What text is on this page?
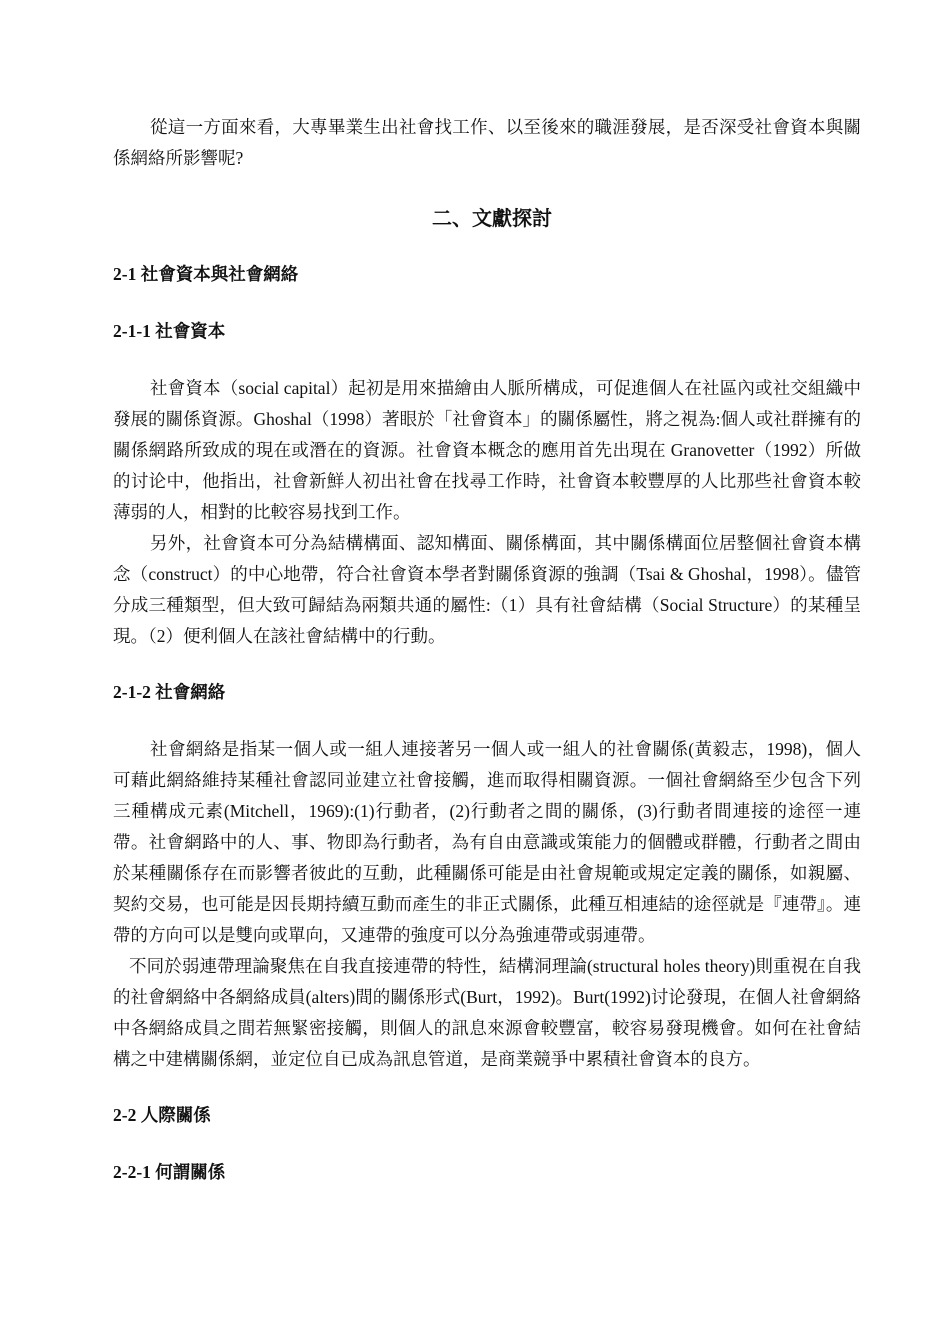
從這一方面來看，大專畢業生出社會找工作、以至後來的職涯發展，是否深受社會資本與關係網絡所影響呢?

二、文獻探討
2-1 社會資本與社會網絡
2-1-1 社會資本

社會資本（social capital）起初是用來描繪由人脈所構成，可促進個人在社區內或社交組織中發展的關係資源。Ghoshal（1998）著眼於「社會資本」的關係屬性，將之視為:個人或社群擁有的關係網路所致成的現在或潛在的資源。社會資本概念的應用首先出現在 Granovetter（1992）所做的讨论中，他指出，社會新鮮人初出社會在找尋工作時，社會資本較豐厚的人比那些社會資本較薄弱的人，相對的比較容易找到工作。

另外，社會資本可分為結構構面、認知構面、關係構面，其中關係構面位居整個社會資本構念（construct）的中心地帶，符合社會資本學者對關係資源的強調（Tsai & Ghoshal，1998）。儘管分成三種類型，但大致可歸結為兩類共通的屬性:（1）具有社會結構（Social Structure）的某種呈現。（2）便利個人在該社會結構中的行動。

2-1-2 社會網絡

社會網絡是指某一個人或一組人連接著另一個人或一組人的社會關係(黃毅志，1998)，個人可藉此網絡維持某種社會認同並建立社會接觸，進而取得相關資源。一個社會網絡至少包含下列三種構成元素(Mitchell，1969):(1)行動者，(2)行動者之間的關係，(3)行動者間連接的途徑一連帶。社會網路中的人、事、物即為行動者，為有自由意識或策能力的個體或群體，行動者之間由於某種關係存在而影響者彼此的互動，此種關係可能是由社會規範或規定定義的關係，如親屬、契約交易，也可能是因長期持續互動而產生的非正式關係，此種互相連結的途徑就是『連帶』。連帶的方向可以是雙向或單向，又連帶的強度可以分為強連帶或弱連帶。

不同於弱連帶理論聚焦在自我直接連帶的特性，結構洞理論(structural holes theory)則重視在自我的社會網絡中各網絡成員(alters)間的關係形式(Burt，1992)。Burt(1992)讨论發現，在個人社會網絡中各網絡成員之間若無緊密接觸，則個人的訊息來源會較豐富，較容易發現機會。如何在社會結構之中建構關係網，並定位自已成為訊息管道，是商業競爭中累積社會資本的良方。

2-2 人際關係
2-2-1 何謂關係
